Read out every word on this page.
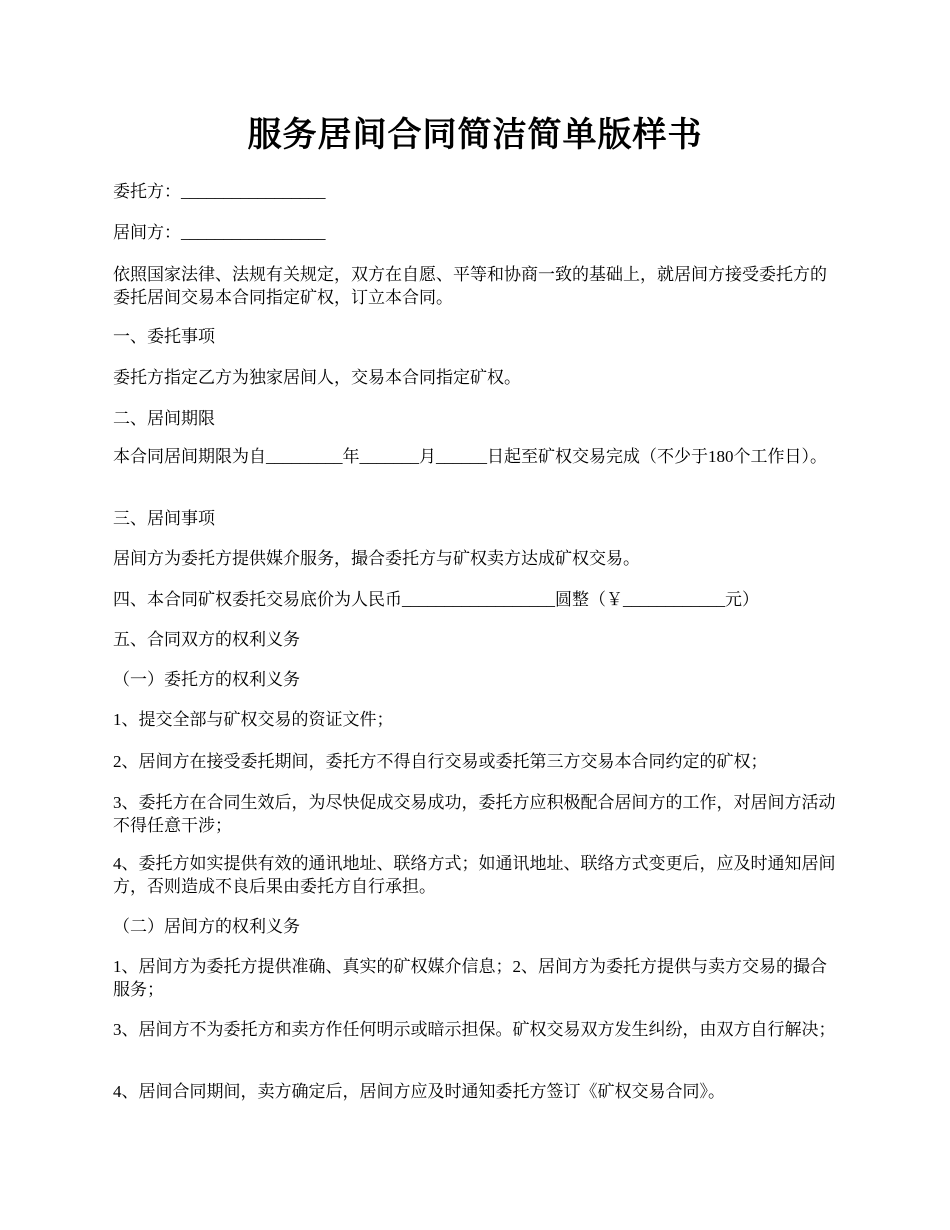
服务居间合同简洁简单版样书

委托方：_________________

居间方：_________________

依照国家法律、法规有关规定，双方在自愿、平等和协商一致的基础上，就居间方接受委托方的委托居间交易本合同指定矿权，订立本合同。

一、委托事项

委托方指定乙方为独家居间人，交易本合同指定矿权。

二、居间期限

本合同居间期限为自_________年_______月______日起至矿权交易完成（不少于180个工作日）。

三、居间事项

居间方为委托方提供媒介服务，撮合委托方与矿权卖方达成矿权交易。

四、本合同矿权委托交易底价为人民币__________________圆整（￥____________元）

五、合同双方的权利义务

（一）委托方的权利义务

1、提交全部与矿权交易的资证文件；

2、居间方在接受委托期间，委托方不得自行交易或委托第三方交易本合同约定的矿权；

3、委托方在合同生效后，为尽快促成交易成功，委托方应积极配合居间方的工作，对居间方活动不得任意干涉；

4、委托方如实提供有效的通讯地址、联络方式；如通讯地址、联络方式变更后，应及时通知居间方，否则造成不良后果由委托方自行承担。

（二）居间方的权利义务

1、居间方为委托方提供准确、真实的矿权媒介信息；2、居间方为委托方提供与卖方交易的撮合服务；

3、居间方不为委托方和卖方作任何明示或暗示担保。矿权交易双方发生纠纷，由双方自行解决；

4、居间合同期间，卖方确定后，居间方应及时通知委托方签订《矿权交易合同》。
